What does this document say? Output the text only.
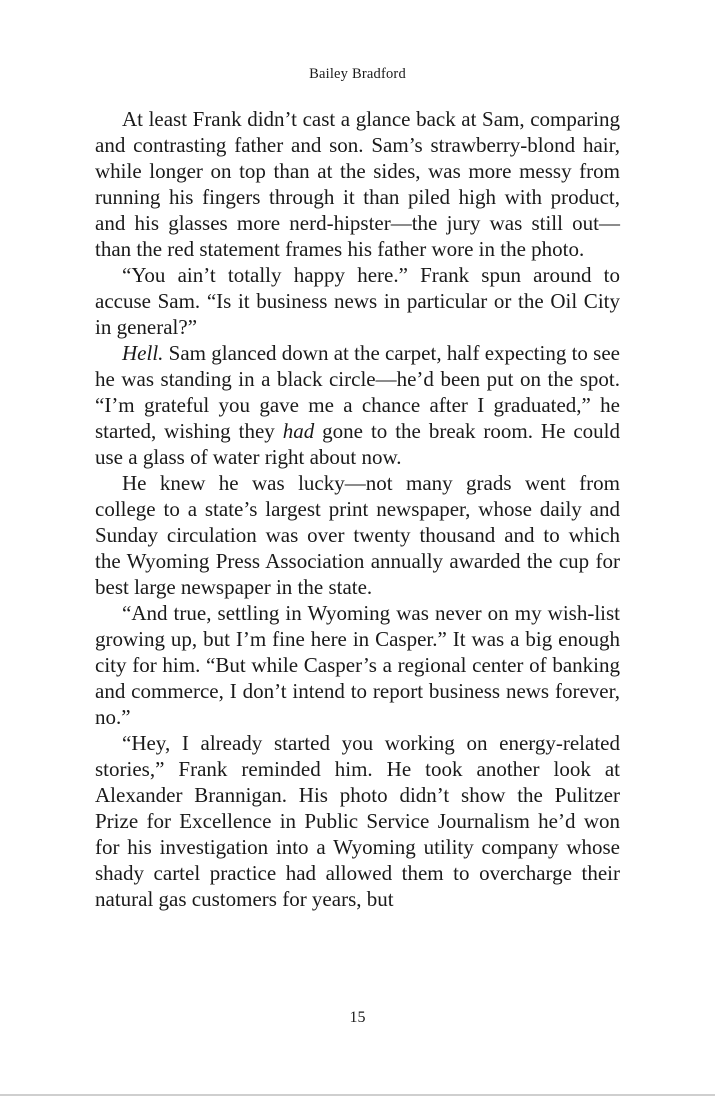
Bailey Bradford

At least Frank didn’t cast a glance back at Sam, comparing and contrasting father and son. Sam’s strawberry-blond hair, while longer on top than at the sides, was more messy from running his fingers through it than piled high with product, and his glasses more nerd-hipster—the jury was still out—than the red statement frames his father wore in the photo.

“You ain’t totally happy here.” Frank spun around to accuse Sam. “Is it business news in particular or the Oil City in general?”

Hell. Sam glanced down at the carpet, half expecting to see he was standing in a black circle—he’d been put on the spot. “I’m grateful you gave me a chance after I graduated,” he started, wishing they had gone to the break room. He could use a glass of water right about now.

He knew he was lucky—not many grads went from college to a state’s largest print newspaper, whose daily and Sunday circulation was over twenty thousand and to which the Wyoming Press Association annually awarded the cup for best large newspaper in the state.

“And true, settling in Wyoming was never on my wish-list growing up, but I’m fine here in Casper.” It was a big enough city for him. “But while Casper’s a regional center of banking and commerce, I don’t intend to report business news forever, no.”

“Hey, I already started you working on energy-related stories,” Frank reminded him. He took another look at Alexander Brannigan. His photo didn’t show the Pulitzer Prize for Excellence in Public Service Journalism he’d won for his investigation into a Wyoming utility company whose shady cartel practice had allowed them to overcharge their natural gas customers for years, but

15
